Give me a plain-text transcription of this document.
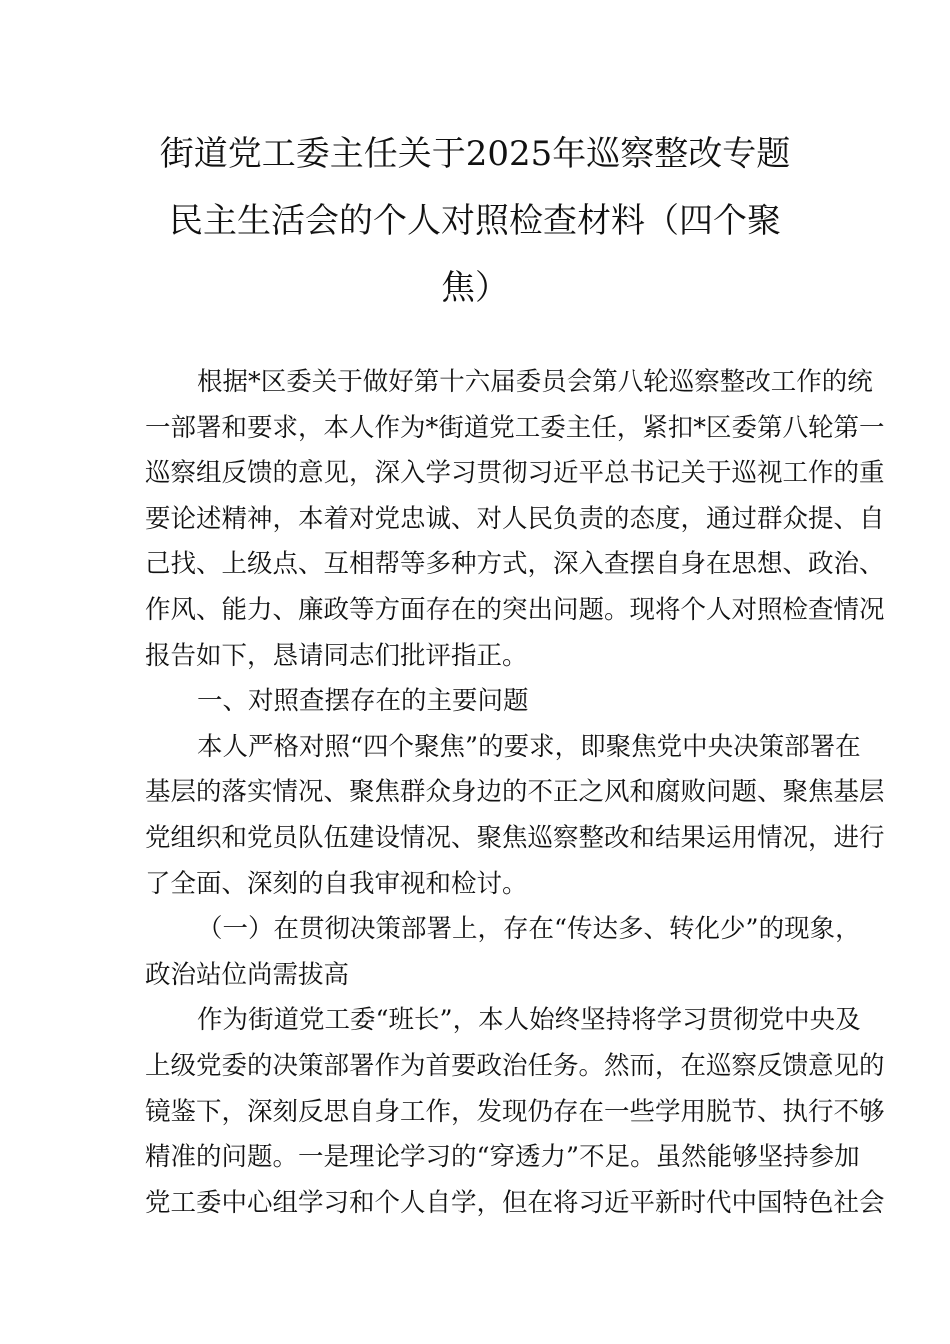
街道党工委主任关于2025年巡察整改专题
民主生活会的个人对照检查材料（四个聚
焦）
根据*区委关于做好第十六届委员会第八轮巡察整改工作的统
一部署和要求，本人作为*街道党工委主任，紧扣*区委第八轮第一
巡察组反馈的意见，深入学习贯彻习近平总书记关于巡视工作的重
要论述精神，本着对党忠诚、对人民负责的态度，通过群众提、自
己找、上级点、互相帮等多种方式，深入查摆自身在思想、政治、
作风、能力、廉政等方面存在的突出问题。现将个人对照检查情况
报告如下，恳请同志们批评指正。
一、对照查摆存在的主要问题
本人严格对照“四个聚焦”的要求，即聚焦党中央决策部署在
基层的落实情况、聚焦群众身边的不正之风和腐败问题、聚焦基层
党组织和党员队伍建设情况、聚焦巡察整改和结果运用情况，进行
了全面、深刻的自我审视和检讨。
（一）在贯彻决策部署上，存在“传达多、转化少”的现象，
政治站位尚需拔高
作为街道党工委“班长”，本人始终坚持将学习贯彻党中央及
上级党委的决策部署作为首要政治任务。然而，在巡察反馈意见的
镜鉴下，深刻反思自身工作，发现仍存在一些学用脱节、执行不够
精准的问题。一是理论学习的“穿透力”不足。虽然能够坚持参加
党工委中心组学习和个人自学，但在将习近平新时代中国特色社会
